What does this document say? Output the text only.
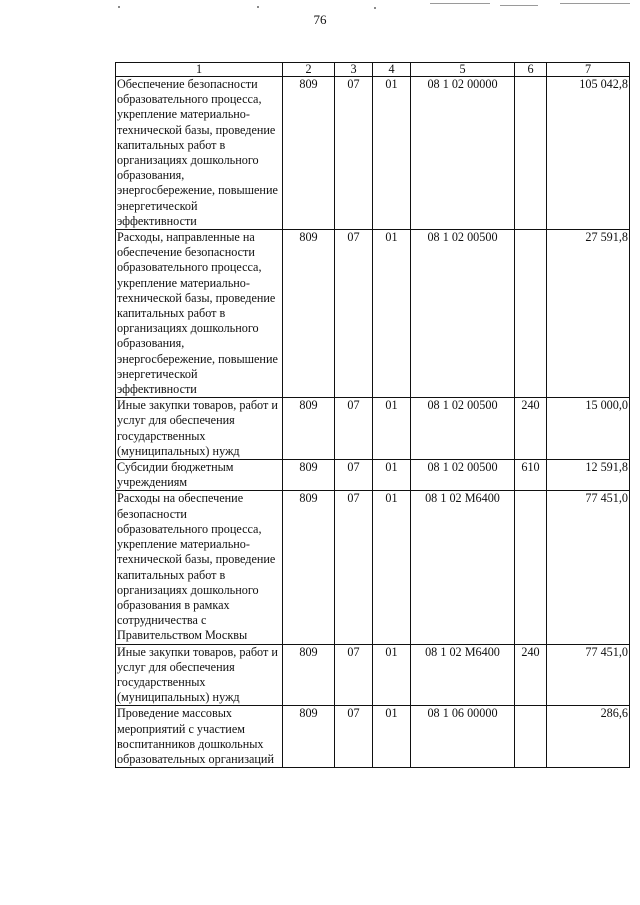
76
1	2	3	4	5	6	7
Обеспечение безопасности образовательного процесса, укрепление материально-технической базы, проведение капитальных работ в организациях дошкольного образования, энергосбережение, повышение энергетической эффективности	809	07	01	08 1 02 00000		105 042,8
Расходы, направленные на обеспечение безопасности образовательного процесса, укрепление материально-технической базы, проведение капитальных работ в организациях дошкольного образования, энергосбережение, повышение энергетической эффективности	809	07	01	08 1 02 00500		27 591,8
Иные закупки товаров, работ и услуг для обеспечения государственных (муниципальных) нужд	809	07	01	08 1 02 00500	240	15 000,0
Субсидии бюджетным учреждениям	809	07	01	08 1 02 00500	610	12 591,8
Расходы на обеспечение безопасности образовательного процесса, укрепление материально-технической базы, проведение капитальных работ в организациях дошкольного образования в рамках сотрудничества с Правительством Москвы	809	07	01	08 1 02 М6400		77 451,0
Иные закупки товаров, работ и услуг для обеспечения государственных (муниципальных) нужд	809	07	01	08 1 02 М6400	240	77 451,0
Проведение массовых мероприятий с участием воспитанников дошкольных образовательных организаций	809	07	01	08 1 06 00000		286,6
